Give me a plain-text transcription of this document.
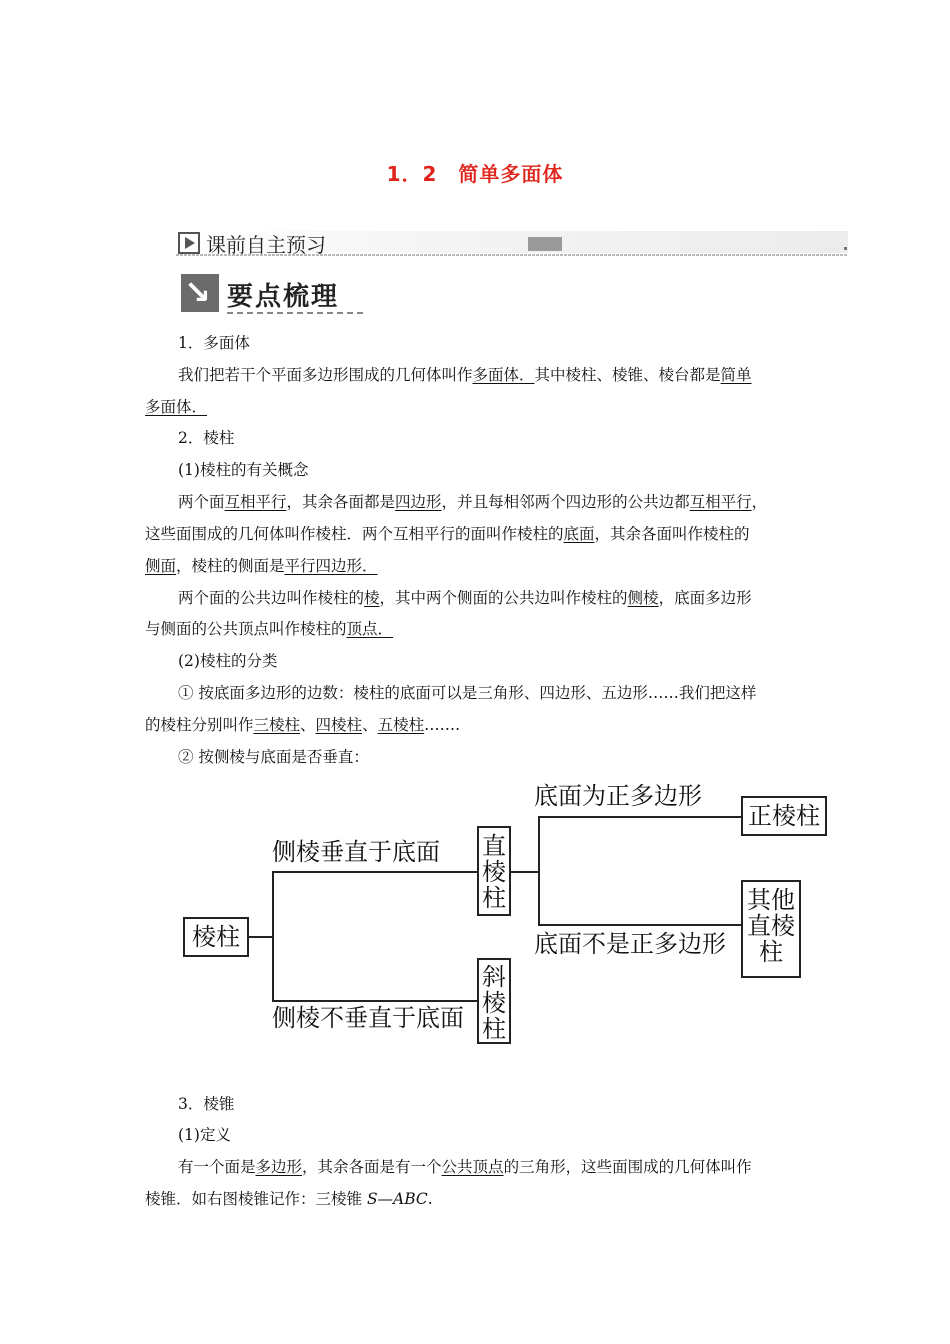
1．2　简单多面体
课前自主预习
↘
要点梳理
1．多面体
我们把若干个平面多边形围成的几何体叫作多面体．其中棱柱、棱锥、棱台都是简单
多面体．
2．棱柱
(1)棱柱的有关概念
两个面互相平行，其余各面都是四边形，并且每相邻两个四边形的公共边都互相平行，
这些面围成的几何体叫作棱柱．两个互相平行的面叫作棱柱的底面，其余各面叫作棱柱的
侧面，棱柱的侧面是平行四边形．
两个面的公共边叫作棱柱的棱，其中两个侧面的公共边叫作棱柱的侧棱，底面多边形
与侧面的公共顶点叫作棱柱的顶点．
(2)棱柱的分类
① 按底面多边形的边数：棱柱的底面可以是三角形、四边形、五边形……我们把这样
的棱柱分别叫作三棱柱、四棱柱、五棱柱…….
② 按侧棱与底面是否垂直：
棱柱
侧棱垂直于底面
侧棱不垂直于底面
直棱柱
斜棱柱
底面为正多边形
底面不是正多边形
正棱柱
其他直棱柱
3．棱锥
(1)定义
有一个面是多边形，其余各面是有一个公共顶点的三角形，这些面围成的几何体叫作
棱锥．如右图棱锥记作：三棱锥 S—ABC.
